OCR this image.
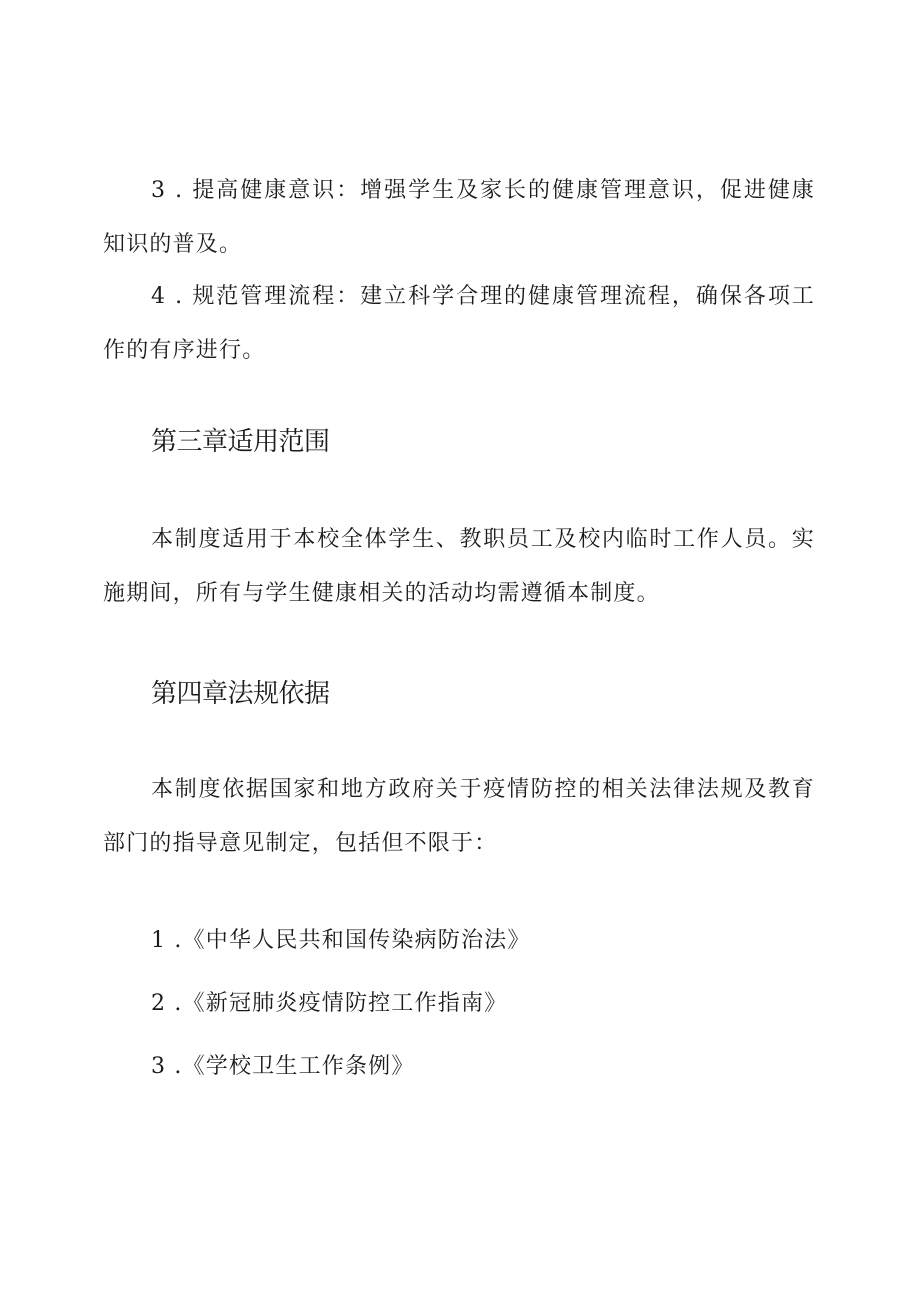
3 . 提高健康意识：增强学生及家长的健康管理意识，促进健康知识的普及。

4 . 规范管理流程：建立科学合理的健康管理流程，确保各项工作的有序进行。

第三章适用范围

本制度适用于本校全体学生、教职员工及校内临时工作人员。实施期间，所有与学生健康相关的活动均需遵循本制度。

第四章法规依据

本制度依据国家和地方政府关于疫情防控的相关法律法规及教育部门的指导意见制定，包括但不限于：

1 .《中华人民共和国传染病防治法》

2 .《新冠肺炎疫情防控工作指南》

3 .《学校卫生工作条例》
